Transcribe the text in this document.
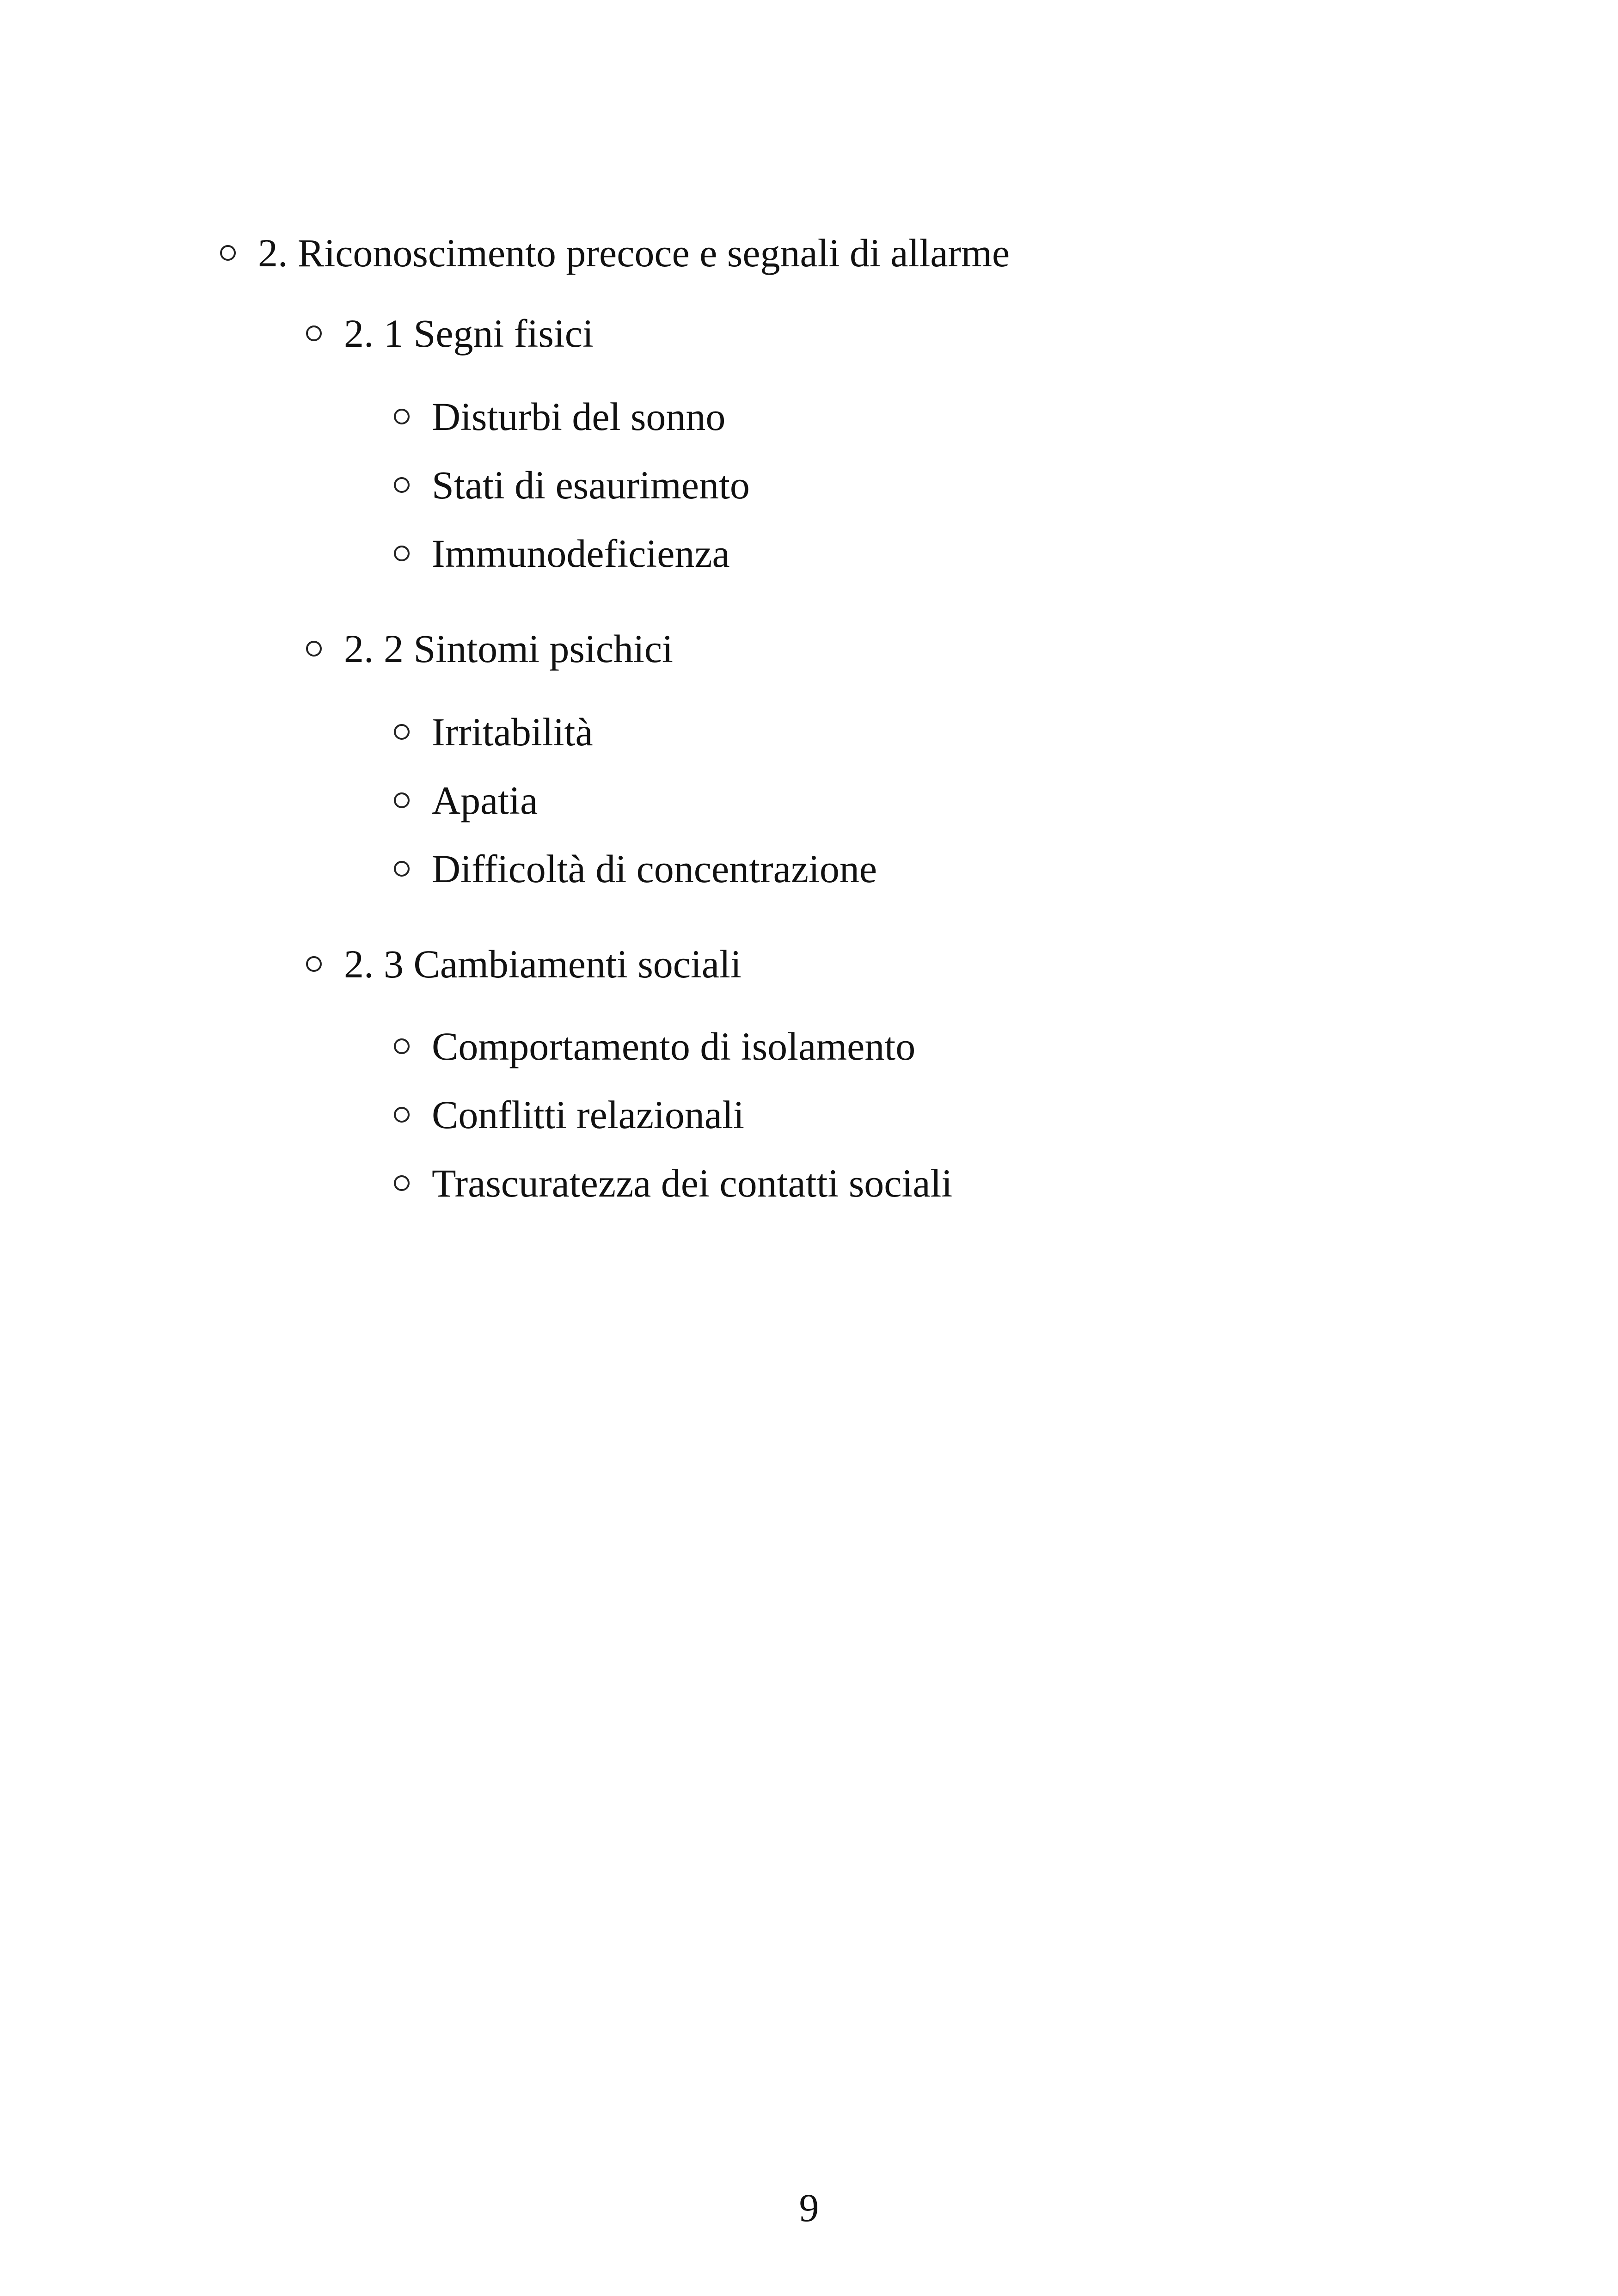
2. Riconoscimento precoce e segnali di allarme
2. 1 Segni fisici
Disturbi del sonno
Stati di esaurimento
Immunodeficienza
2. 2 Sintomi psichici
Irritabilità
Apatia
Difficoltà di concentrazione
2. 3 Cambiamenti sociali
Comportamento di isolamento
Conflitti relazionali
Trascuratezza dei contatti sociali
9
